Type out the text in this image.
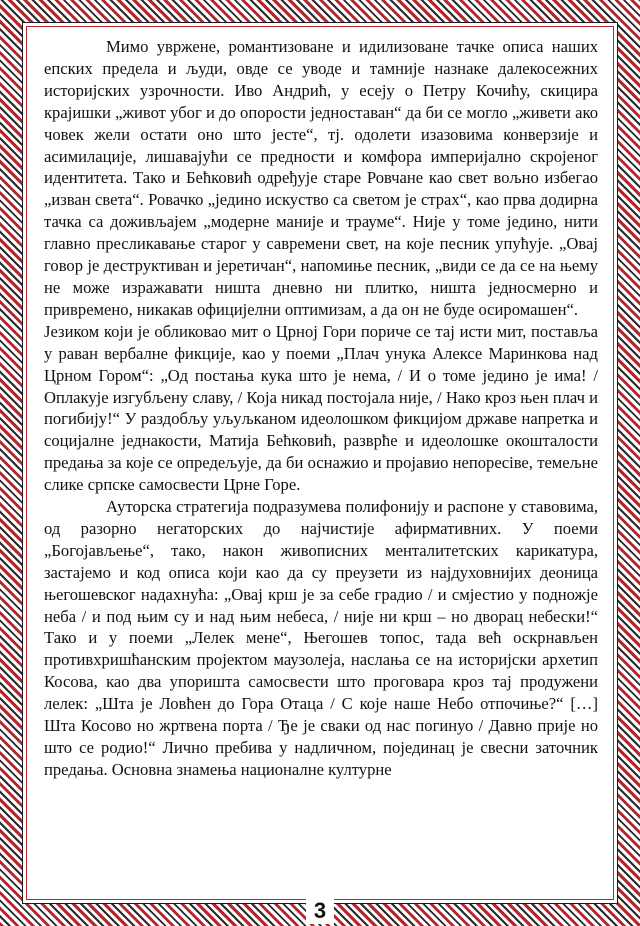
Мимо увржене, романтизоване и идилизоване тачке описа наших епских предела и људи, овде се уводе и тамније назнаке далекосежних историјских узрочности. Иво Андрић, у есеју о Петру Кочићу, скицира крајишки „живот убог и до опорости једноставан“ да би се могло „живети ако човек жели остати оно што јесте“, тј. одолети изазовима конверзије и асимилације, лишавајући се предности и комфора империјално скројеног идентитета. Тако и Бећковић одређује старе Ровчане као свет вољно избегао „изван света“. Ровачко „једино искуство са светом је страх“, као прва додирна тачка са доживљајем „модерне маније и трауме“. Није у томе једино, нити главно пресликавање старог у савремени свет, на које песник упућује. „Овај говор је деструктиван и јеретичан“, напомиње песник, „види се да се на њему не може изражавати ништа дневно ни плитко, ништа једносмерно и привремено, никакав официјелни оптимизам, а да он не буде осиромашен“.

Језиком који је обликовао мит о Црној Гори поричe се тај исти мит, поставља у раван вербалне фикције, као у поеми „Плач унука Алексе Маринкова над Црном Гором“: „Од постања кука што је нема, / И о томе једино је има! / Оплакује изгубљену славу, / Која никад постојала није, / Нако кроз њен плач и погибију!“ У раздобљу уљуљканом идеолошком фикцијом државе напретка и социјалне једнакости, Матија Бећковић, разврће и идеолошке окошталости предања за које се опредељује, да би оснажио и пројавио непореciве, темељне слике српске самосвести Црне Горе.

Ауторска стратегија подразумева полифонију и распоне у ставовима, од разорно негаторских до најчистије афирмативних. У поеми „Богојављење“, тако, након живописних менталитетских карикатура, застајемо и код описа који као да су преузети из најдуховнијих деоница његошевског надахнућа: „Овај крш је за себе градио / и смјестио у подножје неба / и под њим су и над њим небеса, / није ни крш – но дворац небески!“ Тако и у поеми „Лелек мене“, Његошев топос, тада већ оскрнављен противхришћанским пројектом маузолеја, наслања се на историјски архетип Косова, као два упоришта самосвести што проговара кроз тај продужени лелек: „Шта је Ловћен до Гора Отаца / С које наше Небо отпочиње?“ […] Шта Косово но жртвена порта / Ђе је сваки од нас погинуо / Давно прије но што се родио!“ Лично пребива у надличном, појединац је свесни заточник предања. Основна знамења националне културне

3
